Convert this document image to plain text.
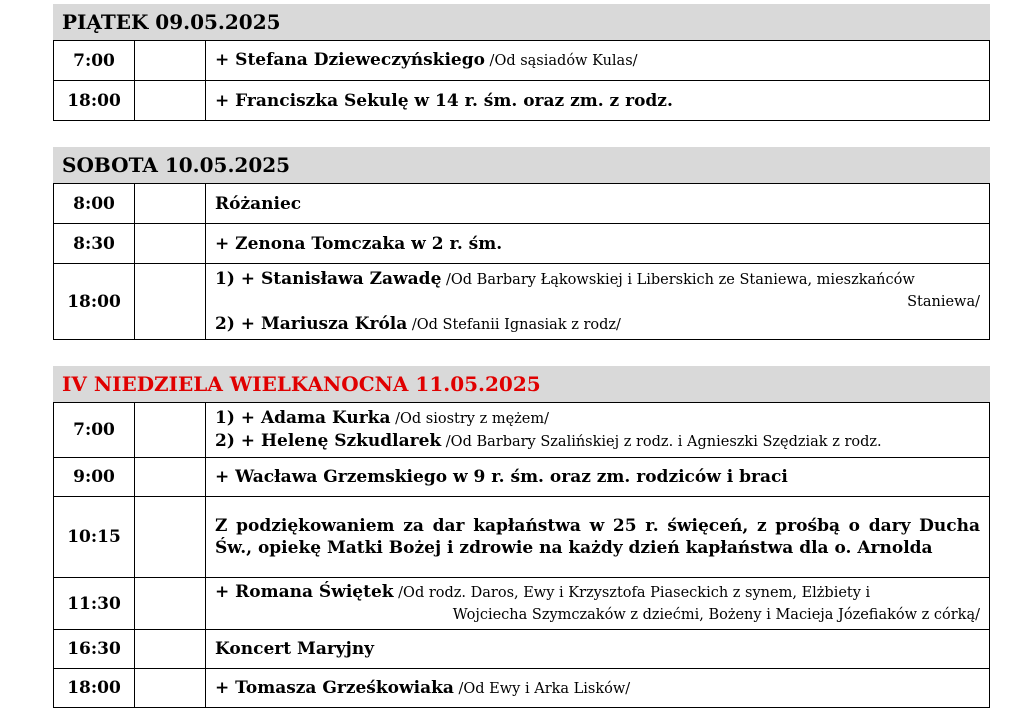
PIĄTEK 09.05.2025
7:00		+ Stefana Dzieweczyńskiego /Od sąsiadów Kulas/

18:00		+ Franciszka Sekulę w 14 r. śm. oraz zm. z rodz.
SOBOTA 10.05.2025
8:00		Różaniec

8:30		+ Zenona Tomczaka w 2 r. śm.

18:00		1) + Stanisława Zawadę /Od Barbary Łąkowskiej i Liberskich ze Staniewa, mieszkańców
Staniewa/
2) + Mariusza Króla /Od Stefanii Ignasiak z rodz/
IV NIEDZIELA WIELKANOCNA 11.05.2025
7:00		1) + Adama Kurka /Od siostry z mężem/
2) + Helenę Szkudlarek /Od Barbary Szalińskiej z rodz. i Agnieszki Szędziak z rodz.

9:00		+ Wacława Grzemskiego w 9 r. śm. oraz zm. rodziców i braci

10:15		Z podziękowaniem za dar kapłaństwa w 25 r. święceń, z prośbą o dary Ducha Św., opiekę Matki Bożej i zdrowie na każdy dzień kapłaństwa dla o. Arnolda
11:30		+ Romana Świętek /Od rodz. Daros, Ewy i Krzysztofa Piaseckich z synem, Elżbiety i
Wojciecha Szymczaków z dziećmi, Bożeny i Macieja Józefiaków z córką/

16:30		Koncert Maryjny

18:00		+ Tomasza Grześkowiaka /Od Ewy i Arka Lisków/
